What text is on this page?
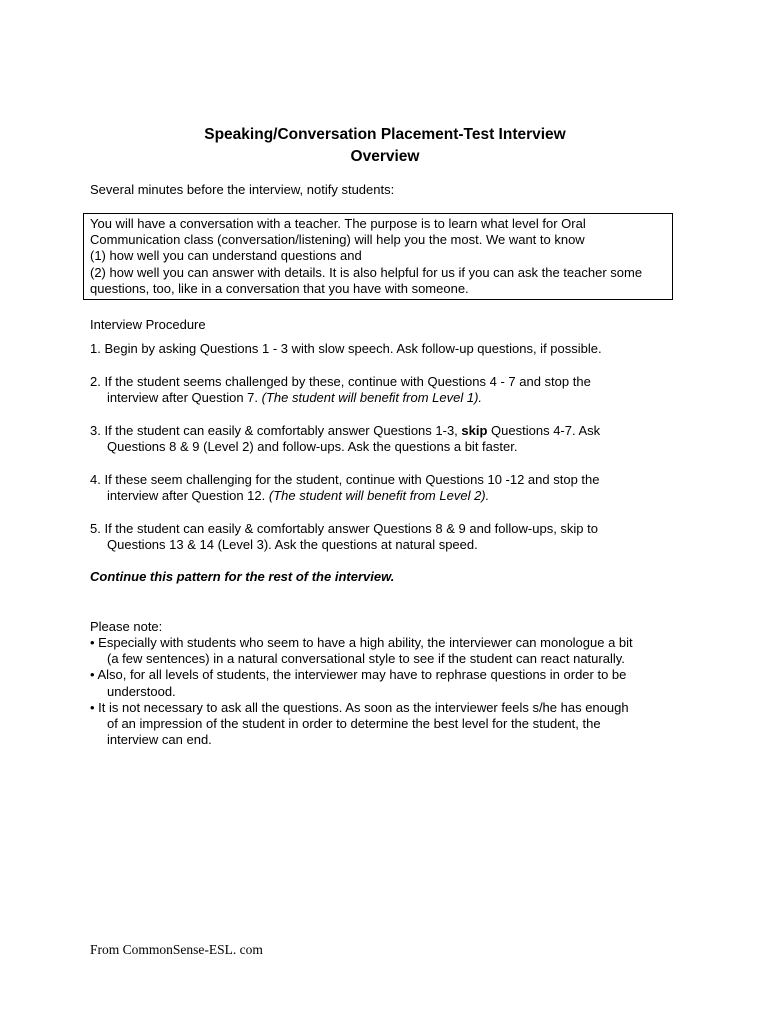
Speaking/Conversation Placement-Test Interview
Overview
Several minutes before the interview, notify students:
You will have a conversation with a teacher. The purpose is to learn what level for Oral
Communication class (conversation/listening) will help you the most. We want to know
(1) how well you can understand questions and
(2) how well you can answer with details. It is also helpful for us if you can ask the teacher some
questions, too, like in a conversation that you have with someone.
Interview Procedure
1. Begin by asking Questions 1 - 3 with slow speech. Ask follow-up questions, if possible.
2. If the student seems challenged by these, continue with Questions 4 - 7 and stop the
interview after Question 7. (The student will benefit from Level 1).
3. If the student can easily & comfortably answer Questions 1-3, skip Questions 4-7. Ask
Questions 8 & 9 (Level 2) and follow-ups. Ask the questions a bit faster.
4. If these seem challenging for the student, continue with Questions 10 -12 and stop the
interview after Question 12. (The student will benefit from Level 2).
5. If the student can easily & comfortably answer Questions 8 & 9 and follow-ups, skip to
Questions 13 & 14 (Level 3). Ask the questions at natural speed.
Continue this pattern for the rest of the interview.
Please note:
• Especially with students who seem to have a high ability, the interviewer can monologue a bit
(a few sentences) in a natural conversational style to see if the student can react naturally.
• Also, for all levels of students, the interviewer may have to rephrase questions in order to be
understood.
• It is not necessary to ask all the questions. As soon as the interviewer feels s/he has enough
of an impression of the student in order to determine the best level for the student, the
interview can end.
From CommonSense-ESL. com
